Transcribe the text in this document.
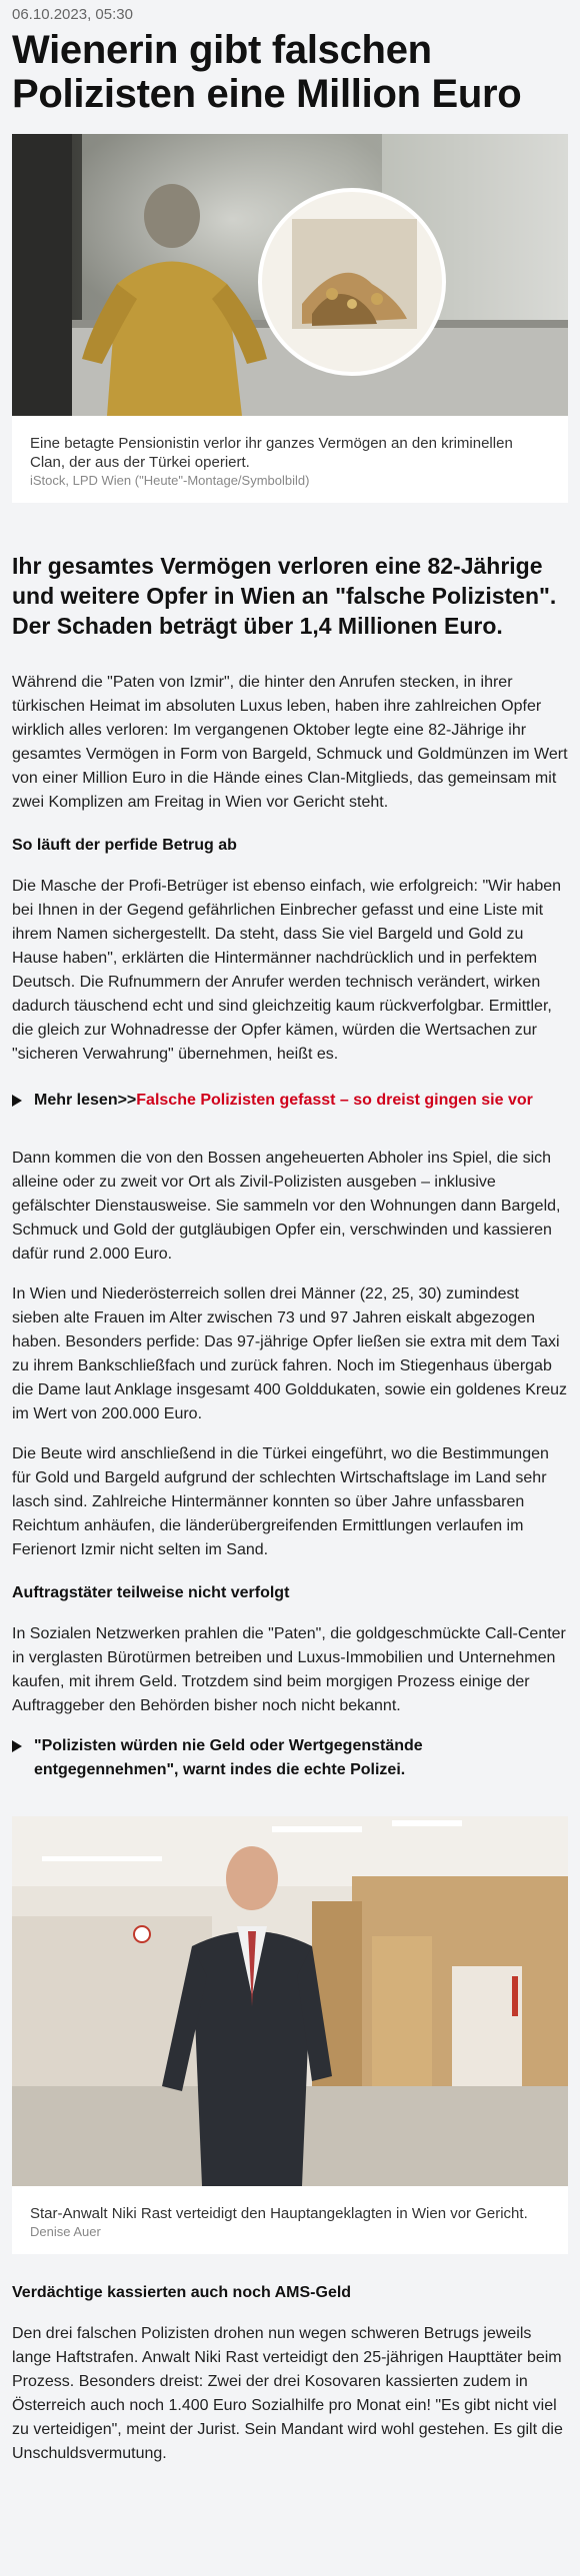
06.10.2023, 05:30
Wienerin gibt falschen Polizisten eine Million Euro
Eine betagte Pensionistin verlor ihr ganzes Vermögen an den kriminellen Clan, der aus der Türkei operiert.
iStock, LPD Wien ("Heute"-Montage/Symbolbild)
Ihr gesamtes Vermögen verloren eine 82-Jährige und weitere Opfer in Wien an "falsche Polizisten". Der Schaden beträgt über 1,4 Millionen Euro.

Während die "Paten von Izmir", die hinter den Anrufen stecken, in ihrer türkischen Heimat im absoluten Luxus leben, haben ihre zahlreichen Opfer wirklich alles verloren: Im vergangenen Oktober legte eine 82-Jährige ihr gesamtes Vermögen in Form von Bargeld, Schmuck und Goldmünzen im Wert von einer Million Euro in die Hände eines Clan-Mitglieds, das gemeinsam mit zwei Komplizen am Freitag in Wien vor Gericht steht.

So läuft der perfide Betrug ab

Die Masche der Profi-Betrüger ist ebenso einfach, wie erfolgreich: "Wir haben bei Ihnen in der Gegend gefährlichen Einbrecher gefasst und eine Liste mit ihrem Namen sichergestellt. Da steht, dass Sie viel Bargeld und Gold zu Hause haben", erklärten die Hintermänner nachdrücklich und in perfektem Deutsch. Die Rufnummern der Anrufer werden technisch verändert, wirken dadurch täuschend echt und sind gleichzeitig kaum rückverfolgbar. Ermittler, die gleich zur Wohnadresse der Opfer kämen, würden die Wertsachen zur "sicheren Verwahrung" übernehmen, heißt es.

Mehr lesen>>Falsche Polizisten gefasst – so dreist gingen sie vor

Dann kommen die von den Bossen angeheuerten Abholer ins Spiel, die sich alleine oder zu zweit vor Ort als Zivil-Polizisten ausgeben – inklusive gefälschter Dienstausweise. Sie sammeln vor den Wohnungen dann Bargeld, Schmuck und Gold der gutgläubigen Opfer ein, verschwinden und kassieren dafür rund 2.000 Euro.

In Wien und Niederösterreich sollen drei Männer (22, 25, 30) zumindest sieben alte Frauen im Alter zwischen 73 und 97 Jahren eiskalt abgezogen haben. Besonders perfide: Das 97-jährige Opfer ließen sie extra mit dem Taxi zu ihrem Bankschließfach und zurück fahren. Noch im Stiegenhaus übergab die Dame laut Anklage insgesamt 400 Golddukaten, sowie ein goldenes Kreuz im Wert von 200.000 Euro.

Die Beute wird anschließend in die Türkei eingeführt, wo die Bestimmungen für Gold und Bargeld aufgrund der schlechten Wirtschaftslage im Land sehr lasch sind. Zahlreiche Hintermänner konnten so über Jahre unfassbaren Reichtum anhäufen, die länderübergreifenden Ermittlungen verlaufen im Ferienort Izmir nicht selten im Sand.

Auftragstäter teilweise nicht verfolgt

In Sozialen Netzwerken prahlen die "Paten", die goldgeschmückte Call-Center in verglasten Bürotürmen betreiben und Luxus-Immobilien und Unternehmen kaufen, mit ihrem Geld. Trotzdem sind beim morgigen Prozess einige der Auftraggeber den Behörden bisher noch nicht bekannt.

"Polizisten würden nie Geld oder Wertgegenstände entgegennehmen", warnt indes die echte Polizei.
Star-Anwalt Niki Rast verteidigt den Hauptangeklagten in Wien vor Gericht.
Denise Auer
Verdächtige kassierten auch noch AMS-Geld

Den drei falschen Polizisten drohen nun wegen schweren Betrugs jeweils lange Haftstrafen. Anwalt Niki Rast verteidigt den 25-jährigen Haupttäter beim Prozess. Besonders dreist: Zwei der drei Kosovaren kassierten zudem in Österreich auch noch 1.400 Euro Sozialhilfe pro Monat ein! "Es gibt nicht viel zu verteidigen", meint der Jurist. Sein Mandant wird wohl gestehen. Es gilt die Unschuldsvermutung.
